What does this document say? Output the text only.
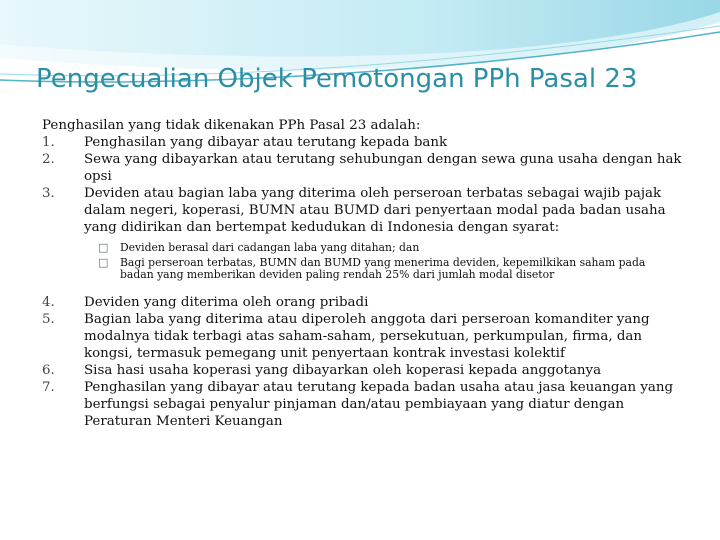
Pengecualian Objek Pemotongan PPh Pasal 23

Penghasilan yang tidak dikenakan PPh Pasal 23 adalah:

1.	Penghasilan yang dibayar atau terutang kepada bank
2.	Sewa yang dibayarkan atau terutang sehubungan dengan sewa guna usaha dengan hak opsi
3.	Deviden atau bagian laba yang diterima oleh perseroan terbatas sebagai wajib pajak dalam negeri, koperasi, BUMN atau BUMD dari penyertaan modal pada badan usaha yang didirikan dan bertempat kedudukan di Indonesia dengan syarat:
□	Deviden berasal dari cadangan laba yang ditahan; dan
□	Bagi perseroan terbatas, BUMN dan BUMD yang menerima deviden, kepemilkikan saham pada badan yang memberikan deviden paling rendah 25% dari jumlah modal disetor
4.	Deviden yang diterima oleh orang pribadi
5.	Bagian laba yang diterima atau diperoleh anggota dari perseroan komanditer yang modalnya tidak terbagi atas saham-saham, persekutuan, perkumpulan, firma, dan kongsi, termasuk pemegang unit penyertaan kontrak investasi kolektif
6.	Sisa hasi usaha koperasi yang dibayarkan oleh koperasi kepada anggotanya
7.	Penghasilan yang dibayar atau terutang kepada badan usaha atau jasa keuangan yang berfungsi sebagai penyalur pinjaman dan/atau pembiayaan yang diatur dengan Peraturan Menteri Keuangan
